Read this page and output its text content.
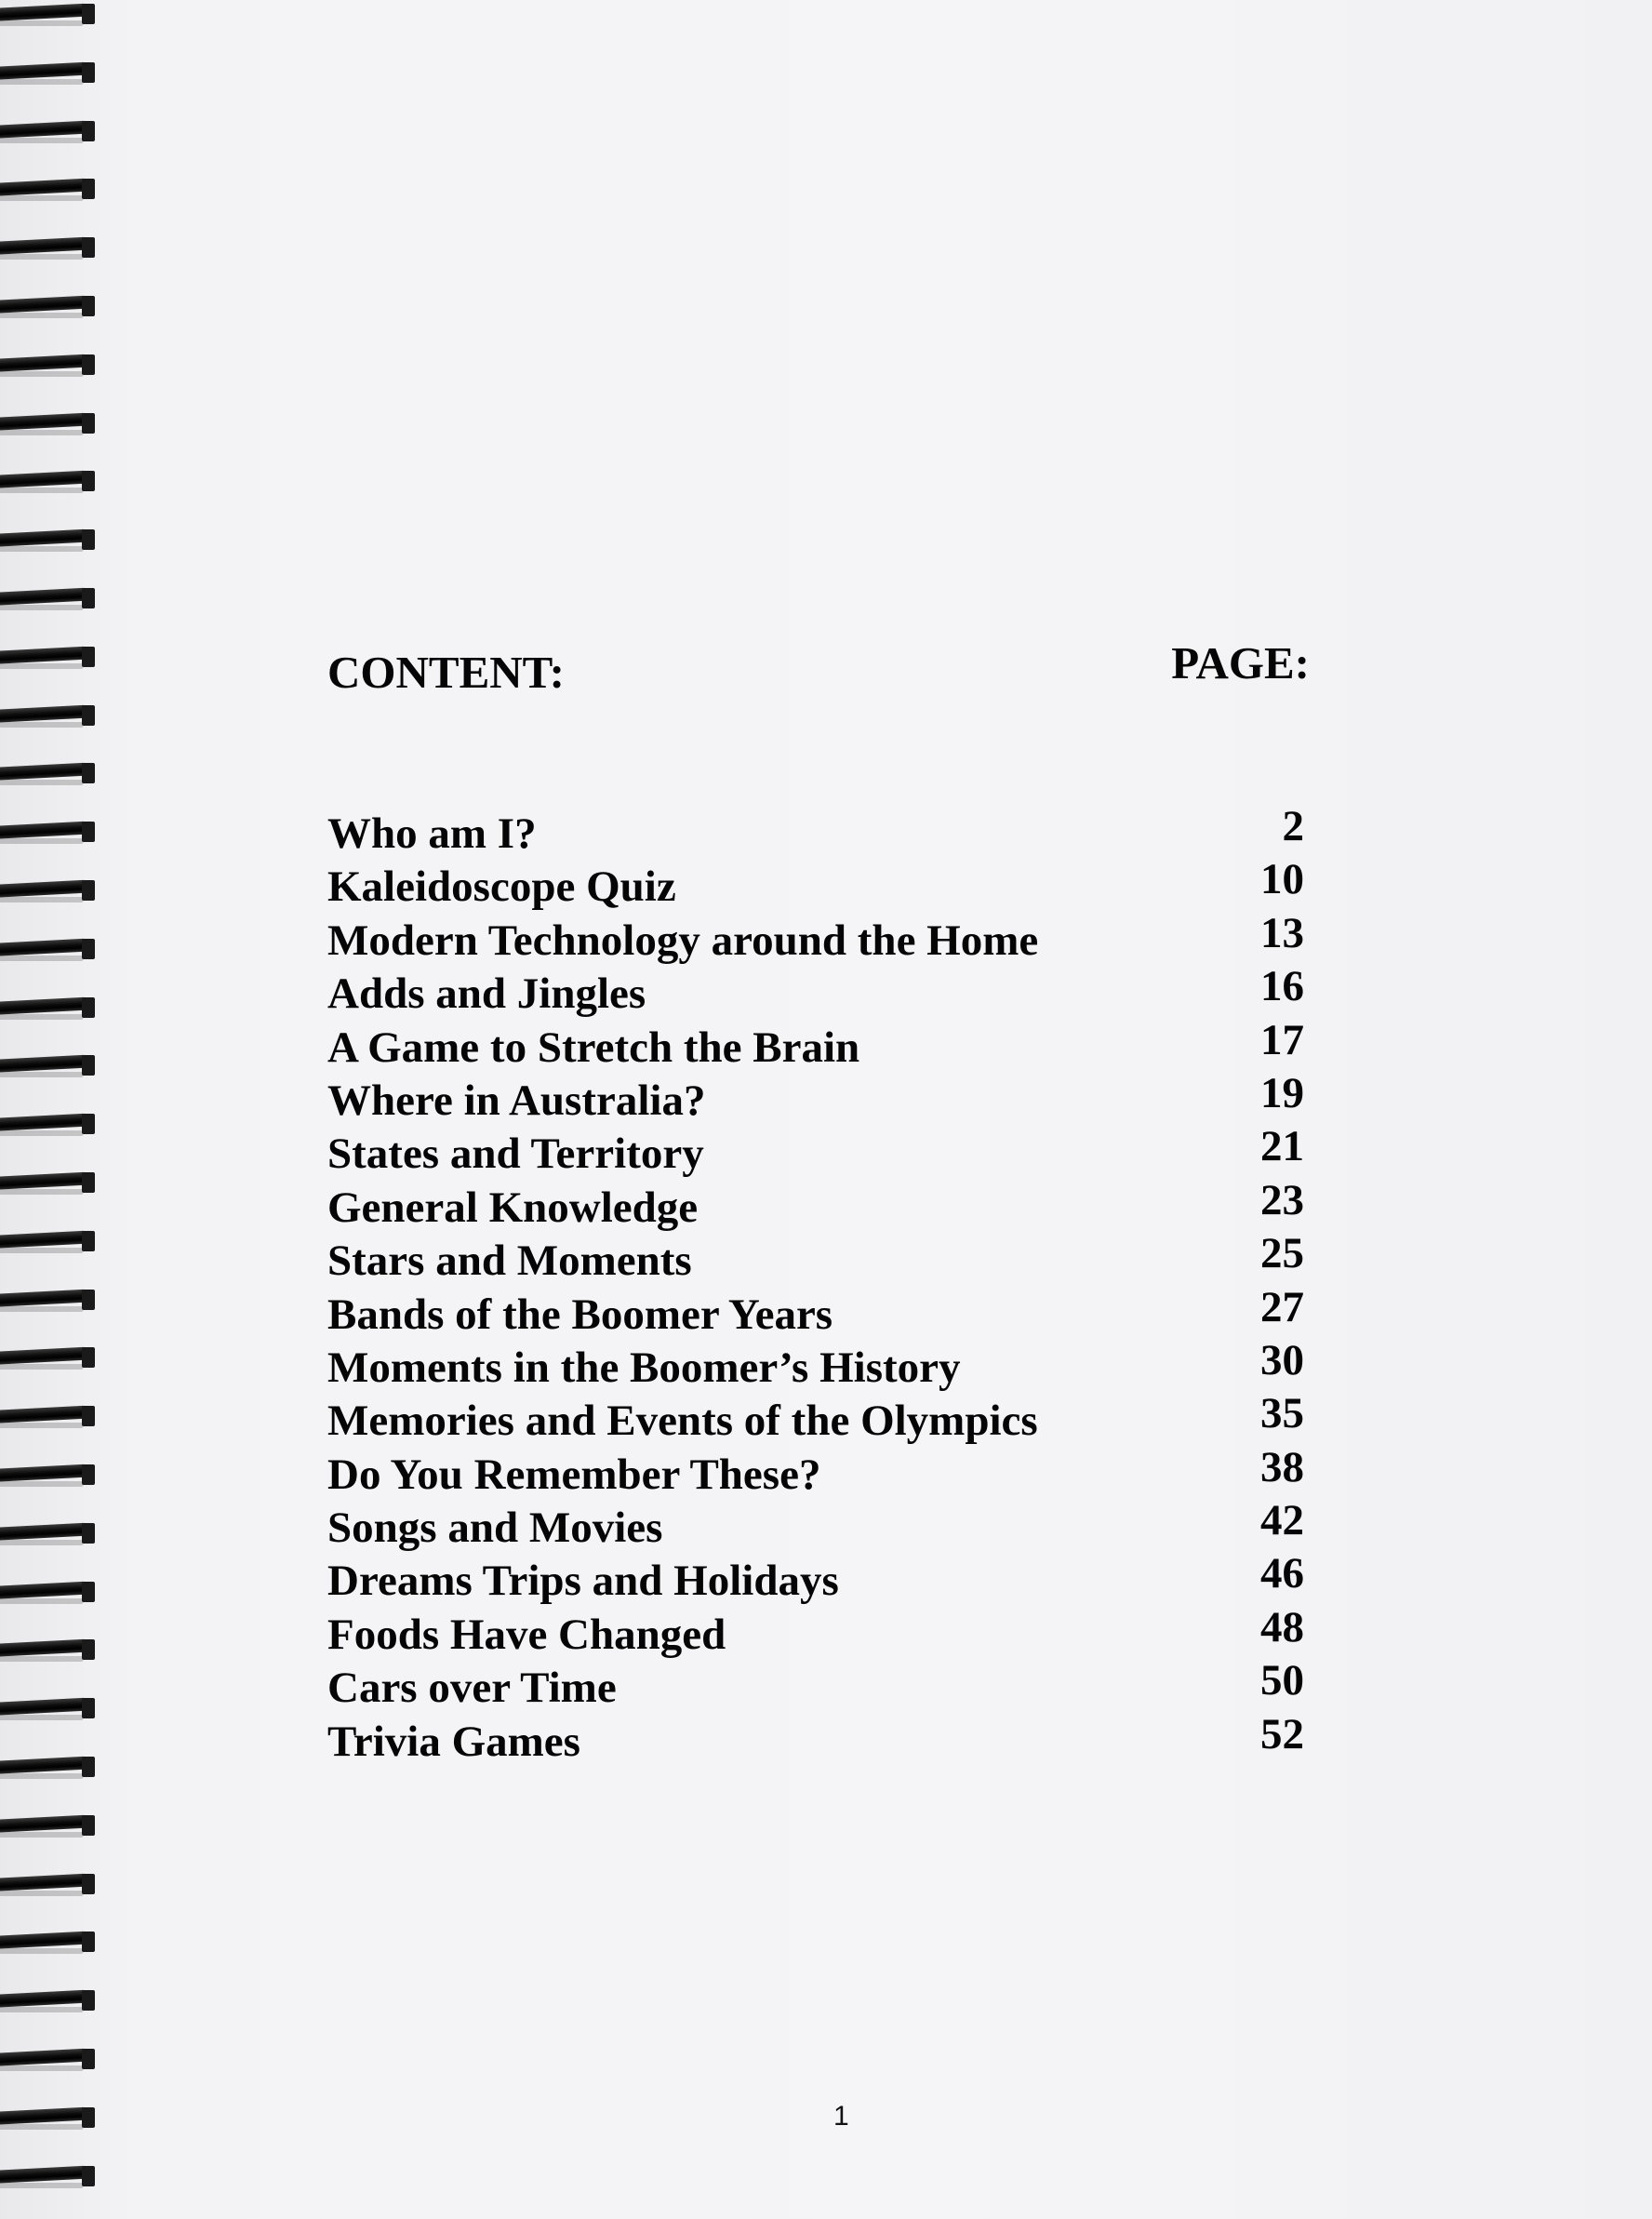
CONTENT:	PAGE:
Who am I?	2
Kaleidoscope Quiz	10
Modern Technology around the Home	13
Adds and Jingles	16
A Game to Stretch the Brain	17
Where in Australia?	19
States and Territory	21
General Knowledge	23
Stars and Moments	25
Bands of the Boomer Years	27
Moments in the Boomer’s History	30
Memories and Events of the Olympics	35
Do You Remember These?	38
Songs and Movies	42
Dreams Trips and Holidays	46
Foods Have Changed	48
Cars over Time	50
Trivia Games	52
1
